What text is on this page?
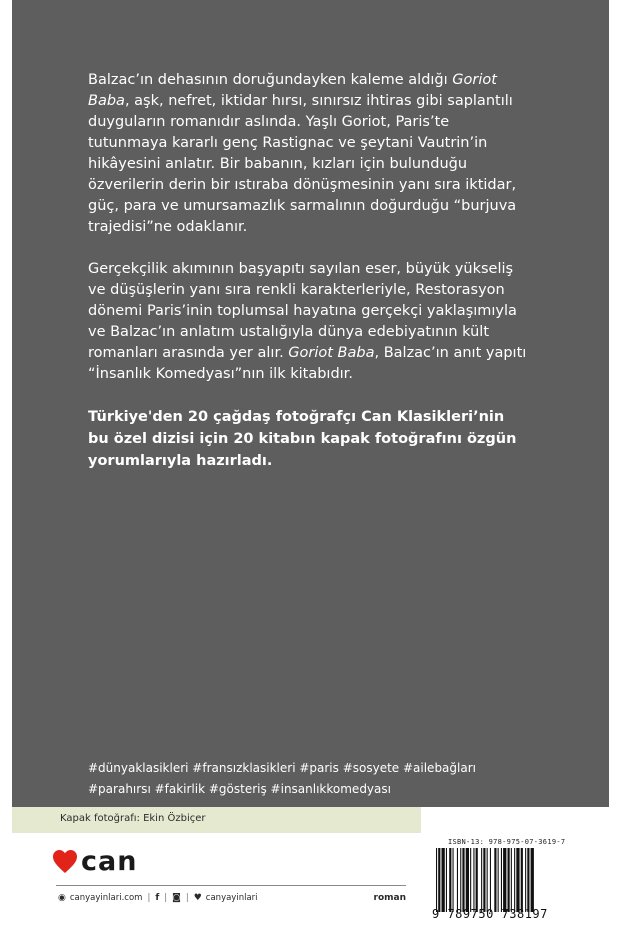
Balzac’ın dehasının doruğundayken kaleme aldığı Goriot Baba, aşk, nefret, iktidar hırsı, sınırsız ihtiras gibi saplantılı duyguların romanıdır aslında. Yaşlı Goriot, Paris’te tutunmaya kararlı genç Rastignac ve şeytani Vautrin’in hikâyesini anlatır. Bir babanın, kızları için bulunduğu özverilerin derin bir ıstıraba dönüşmesinin yanı sıra iktidar, güç, para ve umursamazlık sarmalının doğurduğu “burjuva trajedisi”ne odaklanır.

Gerçekçilik akımının başyapıtı sayılan eser, büyük yükseliş ve düşüşlerin yanı sıra renkli karakterleriyle, Restorasyon dönemi Paris’inin toplumsal hayatına gerçekçi yaklaşımıyla ve Balzac’ın anlatım ustalığıyla dünya edebiyatının kült romanları arasında yer alır. Goriot Baba, Balzac’ın anıt yapıtı “İnsanlık Komedyası”nın ilk kitabıdır.

Türkiye'den 20 çağdaş fotoğrafçı Can Klasikleri’nin bu özel dizisi için 20 kitabın kapak fotoğrafını özgün yorumlarıyla hazırladı.

#dünyaklasikleri #fransızklasikleri #paris #sosyete #ailebağları
#parahırsı #fakirlik #gösteriş #insanlıkkomedyası
Kapak fotoğrafı: Ekin Özbiçer
can
◉ canyayinlari.com | f | ◙ | ♥ canyayinlari	roman
ISBN-13: 978-975-07-3619-7
9 789750 738197
